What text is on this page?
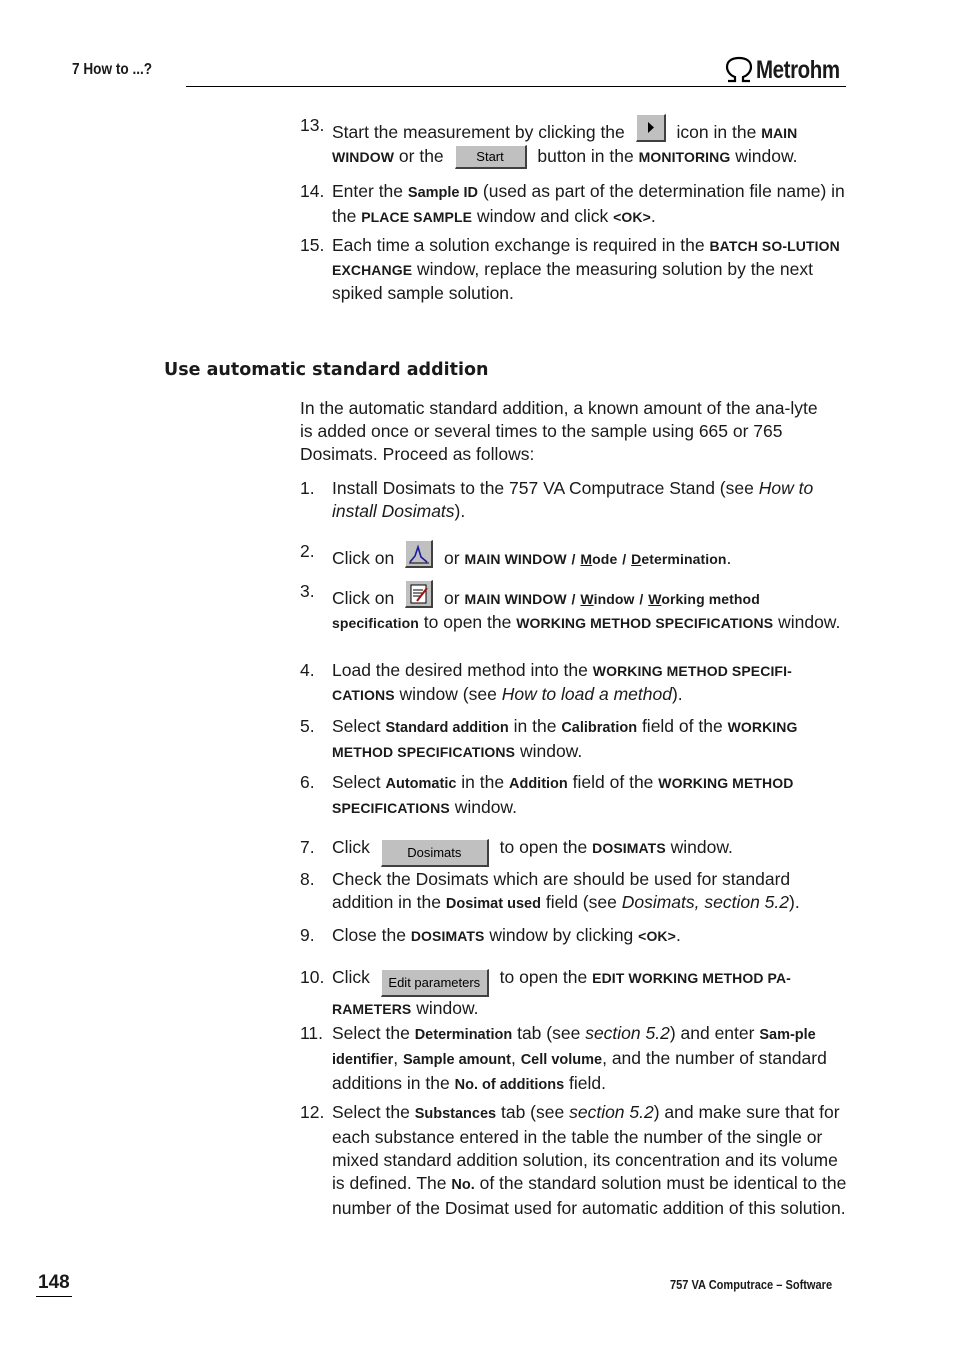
7 How to ...?	Metrohm
13. Start the measurement by clicking the	icon in the MAIN WINDOW or the	Start button in the MONITORING window.
14. Enter the Sample ID (used as part of the determination file name) in the PLACE SAMPLE window and click <OK>.
15. Each time a solution exchange is required in the BATCH SO-LUTION EXCHANGE window, replace the measuring solution by the next spiked sample solution.
Use automatic standard addition
In the automatic standard addition, a known amount of the ana-lyte is added once or several times to the sample using 665 or 765 Dosimats. Proceed as follows:
1. Install Dosimats to the 757 VA Computrace Stand (see How to install Dosimats).
2. Click on	or MAIN WINDOW / Mode / Determination.
3. Click on	or MAIN WINDOW / Window / Working method specification to open the WORKING METHOD SPECIFICATIONS window.
4. Load the desired method into the WORKING METHOD SPECIFI-CATIONS window (see How to load a method).
5. Select Standard addition in the Calibration field of the WORKING METHOD SPECIFICATIONS window.
6. Select Automatic in the Addition field of the WORKING METHOD SPECIFICATIONS window.
7. Click	Dosimats to open the DOSIMATS window.
8. Check the Dosimats which are should be used for standard addition in the Dosimat used field (see Dosimats, section 5.2).
9. Close the DOSIMATS window by clicking <OK>.
10. Click Edit parameters to open the EDIT WORKING METHOD PA-RAMETERS window.
11. Select the Determination tab (see section 5.2) and enter Sam-ple identifier, Sample amount, Cell volume, and the number of standard additions in the No. of additions field.
12. Select the Substances tab (see section 5.2) and make sure that for each substance entered in the table the number of the single or mixed standard addition solution, its concentration and its volume is defined. The No. of the standard solution must be identical to the number of the Dosimat used for automatic addition of this solution.
148	757 VA Computrace – Software
